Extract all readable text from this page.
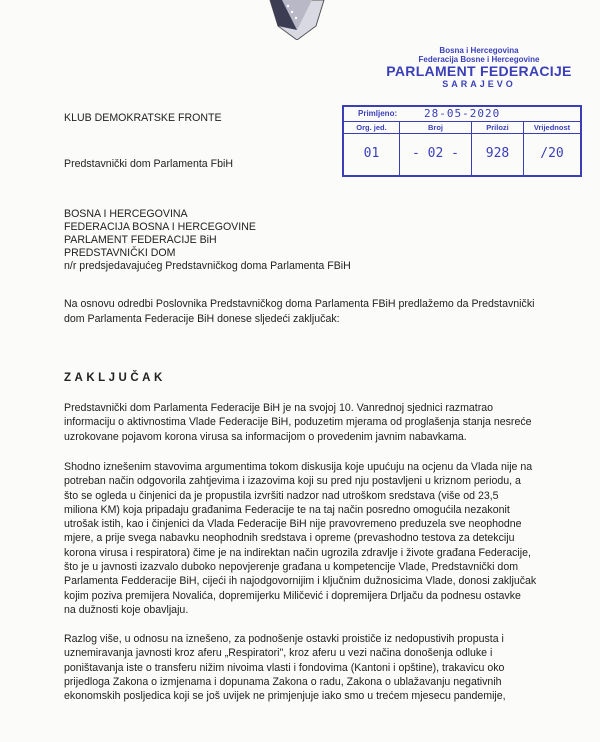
Bosna i Hercegovina
Federacija Bosne i Hercegovine
PARLAMENT FEDERACIJE
SARAJEVO
Primljeno: 28-05-2020
Org. jed.	Broj	Prilozi	Vrijednost
01	- 02 -	928	/20
KLUB DEMOKRATSKE FRONTE
Predstavnički dom Parlamenta FbiH
BOSNA I HERCEGOVINA
FEDERACIJA BOSNA I HERCEGOVINE
PARLAMENT FEDERACIJE BiH
PREDSTAVNIČKI DOM
n/r predsjedavajućeg Predstavničkog doma Parlamenta FBiH
Na osnovu odredbi Poslovnika Predstavničkog doma Parlamenta FBiH predlažemo da Predstavnički
dom Parlamenta Federacije BiH donese sljedeći zaključak:
ZAKLJUČAK
Predstavnički dom Parlamenta Federacije BiH je na svojoj 10. Vanrednoj sjednici razmatrao
informaciju o aktivnostima Vlade Federacije BiH, poduzetim mjerama od proglašenja stanja nesreće
uzrokovane pojavom korona virusa sa informacijom o provedenim javnim nabavkama.
Shodno iznešenim stavovima argumentima tokom diskusija koje upućuju na ocjenu da Vlada nije na
potreban način odgovorila zahtjevima i izazovima koji su pred nju postavljeni u kriznom periodu, a
što se ogleda u činjenici da je propustila izvršiti nadzor nad utroškom sredstava (više od 23,5
miliona KM) koja pripadaju građanima Federacije te na taj način posredno omogućila nezakonit
utrošak istih, kao i činjenici da Vlada Federacije BiH nije pravovremeno preduzela sve neophodne
mjere, a prije svega nabavku neophodnih sredstava i opreme (prevashodno testova za detekciju
korona virusa i respiratora) čime je na indirektan način ugrozila zdravlje i živote građana Federacije,
što je u javnosti izazvalo duboko nepovjerenje građana u kompetencije Vlade, Predstavnički dom
Parlamenta Fedderacije BiH, cijeći ih najodgovornijim i ključnim dužnosicima Vlade, donosi zaključak
kojim poziva premijera Novalića, dopremijerku Miličević i dopremijera Drljaču da podnesu ostavke
na dužnosti koje obavljaju.
Razlog više, u odnosu na iznešeno, za podnošenje ostavki proističe iz nedopustivih propusta i
uznemiravanja javnosti kroz aferu „Respiratori", kroz aferu u vezi načina donošenja odluke i
poništavanja iste o transferu nižim nivoima vlasti i fondovima (Kantoni i opštine), trakavicu oko
prijedloga Zakona o izmjenama i dopunama Zakona o radu, Zakona o ublažavanju negativnih
ekonomskih posljedica koji se još uvijek ne primjenjuje iako smo u trećem mjesecu pandemije,
